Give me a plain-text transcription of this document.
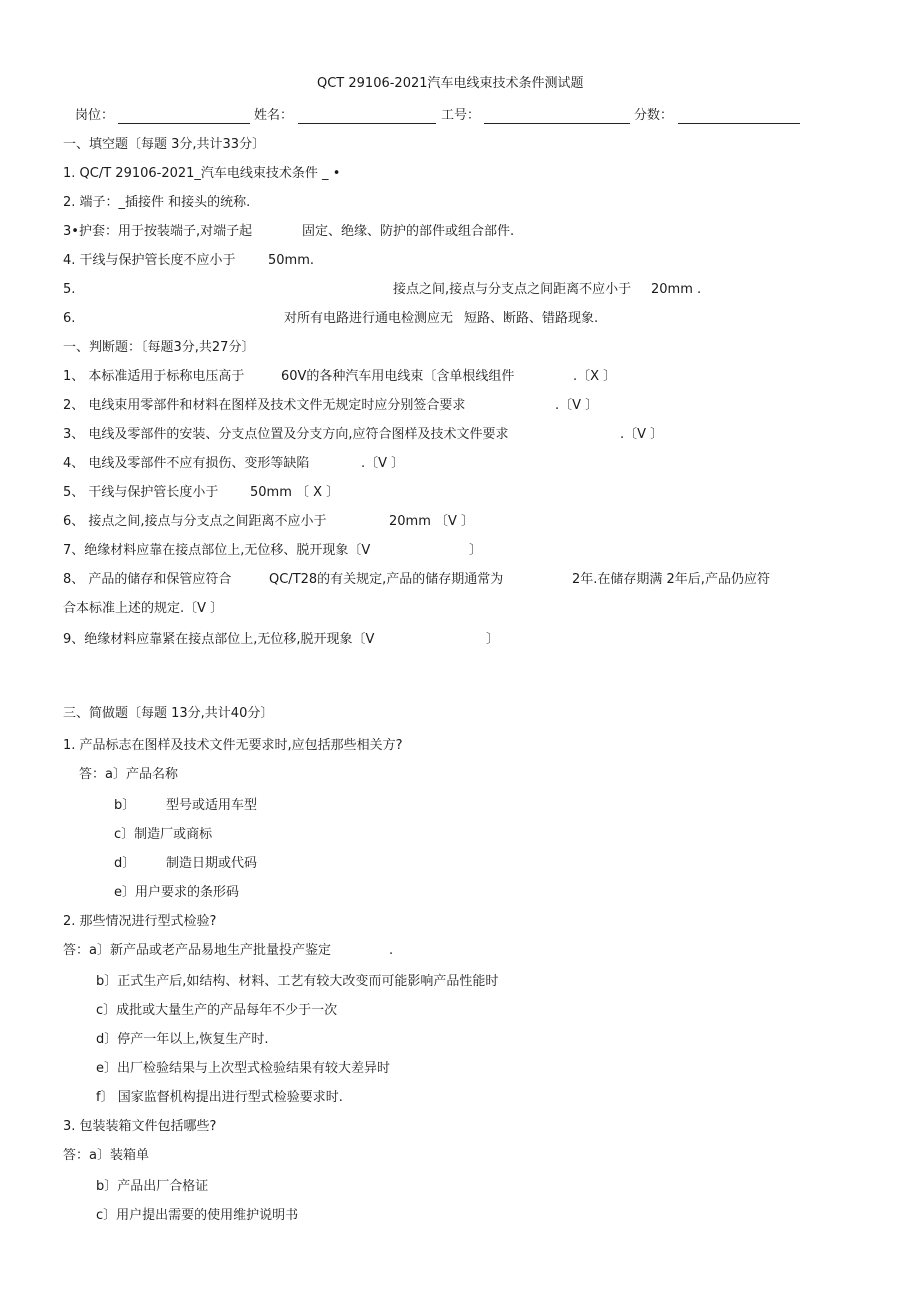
QCT 29106-2021汽车电线束技术条件测试题
岗位：	姓名：	工号：	分数：
一、填空题〔每题 3分,共计33分〕
1. QC/T 29106-2021_汽车电线束技术条件 _ •
2. 端子：_插接件 和接头的统称.
3•护套：用于按装端子,对端子起	固定、绝缘、防护的部件或组合部件.
4. 干线与保护管长度不应小于 50mm.
5.	接点之间,接点与分支点之间距离不应小于 20mm .
6.	对所有电路进行通电检测应无 短路、断路、错路现象.
一、判断题：〔每题3分,共27分〕
1、 本标准适用于标称电压高于	60V的各种汽车用电线束〔含单根线组件	.〔X 〕
2、 电线束用零部件和材料在图样及技术文件无规定时应分别签合要求	.〔V 〕
3、 电线及零部件的安装、分支点位置及分支方向,应符合图样及技术文件要求	.〔V 〕
4、 电线及零部件不应有损伤、变形等缺陷	.〔V 〕
5、 干线与保护管长度小于 50mm 〔 X 〕
6、 接点之间,接点与分支点之间距离不应小于	20mm 〔V 〕
7、绝缘材料应靠在接点部位上,无位移、脱开现象〔V	〕
8、 产品的储存和保管应符合	QC/T28的有关规定,产品的储存期通常为	2年.在储存期满 2年后,产品仍应符
合本标准上述的规定.〔V 〕
9、绝缘材料应靠紧在接点部位上,无位移,脱开现象〔V	〕
三、简做题〔每题 13分,共计40分〕
1. 产品标志在图样及技术文件无要求时,应包括那些相关方?
答：a〕产品名称
b〕 型号或适用车型
c〕制造厂或商标
d〕 制造日期或代码
e〕用户要求的条形码
2. 那些情况进行型式检验?
答：a〕新产品或老产品易地生产批量投产鉴定	.
b〕正式生产后,如结构、材料、工艺有较大改变而可能影响产品性能时
c〕成批或大量生产的产品每年不少于一次
d〕停产一年以上,恢复生产时.
e〕出厂检验结果与上次型式检验结果有较大差异时
f〕 国家监督机构提出进行型式检验要求时.
3. 包装装箱文件包括哪些?
答：a〕装箱单
b〕产品出厂合格证
c〕用户提出需要的使用维护说明书
